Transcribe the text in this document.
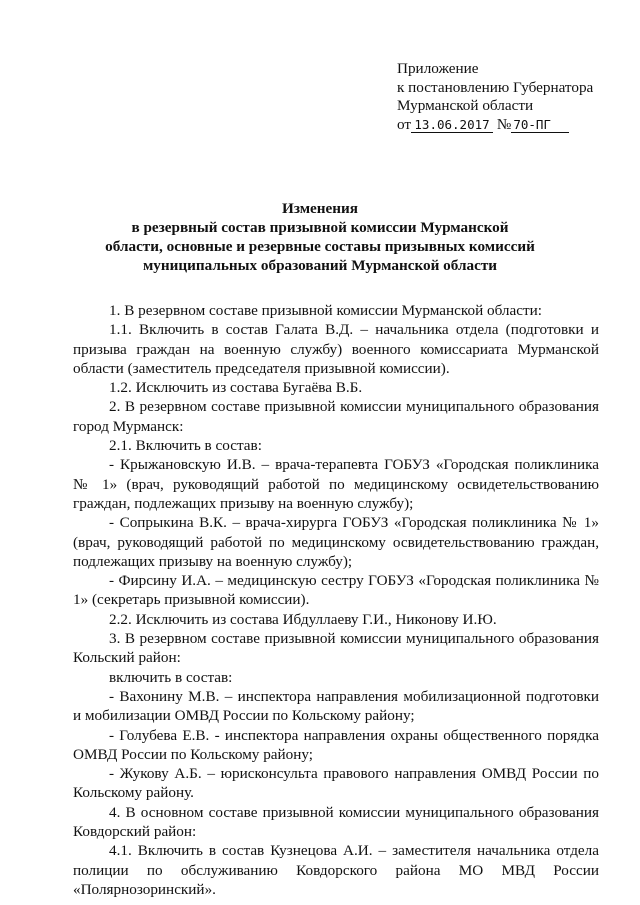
Приложение
к постановлению Губернатора
Мурманской области
от 13.06.2017 № 70-ПГ
Изменения
в резервный состав призывной комиссии Мурманской
области, основные и резервные составы призывных комиссий
муниципальных образований Мурманской области

1. В резервном составе призывной комиссии Мурманской области:

1.1. Включить в состав Галата В.Д. – начальника отдела (подготовки и призыва граждан на военную службу) военного комиссариата Мурманской области (заместитель председателя призывной комиссии).

1.2. Исключить из состава Бугаёва В.Б.

2. В резервном составе призывной комиссии муниципального образования город Мурманск:

2.1. Включить в состав:

- Крыжановскую И.В. – врача-терапевта ГОБУЗ «Городская поликлиника № 1» (врач, руководящий работой по медицинскому освидетельствованию граждан, подлежащих призыву на военную службу);

- Сопрыкина В.К. – врача-хирурга ГОБУЗ «Городская поликлиника № 1» (врач, руководящий работой по медицинскому освидетельствованию граждан, подлежащих призыву на военную службу);

- Фирсину И.А. – медицинскую сестру ГОБУЗ «Городская поликлиника № 1» (секретарь призывной комиссии).

2.2. Исключить из состава Ибдуллаеву Г.И., Никонову И.Ю.

3. В резервном составе призывной комиссии муниципального образования Кольский район:

включить в состав:

- Вахонину М.В. – инспектора направления мобилизационной подготовки и мобилизации ОМВД России по Кольскому району;

- Голубева Е.В. - инспектора направления охраны общественного порядка ОМВД России по Кольскому району;

- Жукову А.Б. – юрисконсульта правового направления ОМВД России по Кольскому району.

4. В основном составе призывной комиссии муниципального образования Ковдорский район:

4.1. Включить в состав Кузнецова А.И. – заместителя начальника отдела полиции по обслуживанию Ковдорского района МО МВД России «Полярнозоринский».
